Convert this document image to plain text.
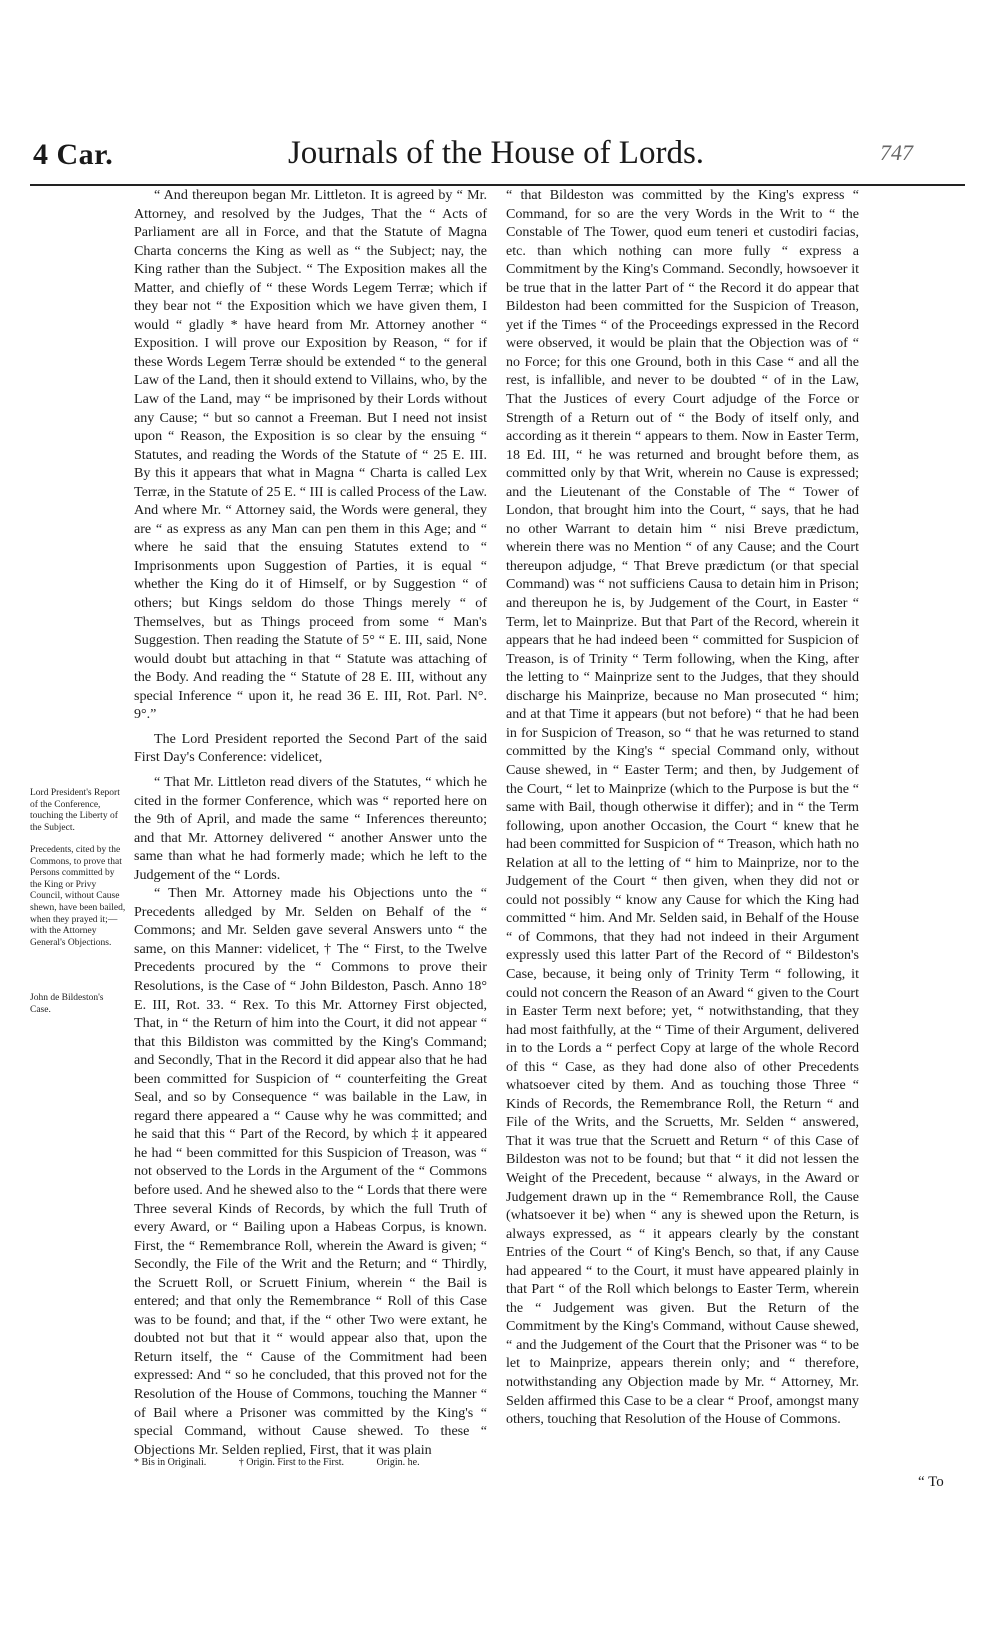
4 Car.	Journals of the House of Lords.	747
Lord President's Report of the Conference, touching the Liberty of the Subject.
Precedents, cited by the Commons, to prove that Persons committed by the King or Privy Council, without Cause shewn, have been bailed, when they prayed it;—with the Attorney General's Objections.
John de Bildeston's Case.

“ And thereupon began Mr. Littleton. It is agreed by “ Mr. Attorney, and resolved by the Judges, That the “ Acts of Parliament are all in Force, and that the Statute of Magna Charta concerns the King as well as “ the Subject; nay, the King rather than the Subject. “ The Exposition makes all the Matter, and chiefly of “ these Words Legem Terræ; which if they bear not “ the Exposition which we have given them, I would “ gladly * have heard from Mr. Attorney another “ Exposition. I will prove our Exposition by Reason, “ for if these Words Legem Terræ should be extended “ to the general Law of the Land, then it should extend to Villains, who, by the Law of the Land, may “ be imprisoned by their Lords without any Cause; “ but so cannot a Freeman. But I need not insist upon “ Reason, the Exposition is so clear by the ensuing “ Statutes, and reading the Words of the Statute of “ 25 E. III. By this it appears that what in Magna “ Charta is called Lex Terræ, in the Statute of 25 E. “ III is called Process of the Law. And where Mr. “ Attorney said, the Words were general, they are “ as express as any Man can pen them in this Age; and “ where he said that the ensuing Statutes extend to “ Imprisonments upon Suggestion of Parties, it is equal “ whether the King do it of Himself, or by Suggestion “ of others; but Kings seldom do those Things merely “ of Themselves, but as Things proceed from some “ Man's Suggestion. Then reading the Statute of 5° “ E. III, said, None would doubt but attaching in that “ Statute was attaching of the Body. And reading the “ Statute of 28 E. III, without any special Inference “ upon it, he read 36 E. III, Rot. Parl. N°. 9°.”

The Lord President reported the Second Part of the said First Day's Conference: videlicet,

“ That Mr. Littleton read divers of the Statutes, “ which he cited in the former Conference, which was “ reported here on the 9th of April, and made the same “ Inferences thereunto; and that Mr. Attorney delivered “ another Answer unto the same than what he had formerly made; which he left to the Judgement of the “ Lords.

“ Then Mr. Attorney made his Objections unto the “ Precedents alledged by Mr. Selden on Behalf of the “ Commons; and Mr. Selden gave several Answers unto “ the same, on this Manner: videlicet, † The “ First, to the Twelve Precedents procured by the “ Commons to prove their Resolutions, is the Case of “ John Bildeston, Pasch. Anno 18° E. III, Rot. 33. “ Rex. To this Mr. Attorney First objected, That, in “ the Return of him into the Court, it did not appear “ that this Bildiston was committed by the King's Command; and Secondly, That in the Record it did appear also that he had been committed for Suspicion of “ counterfeiting the Great Seal, and so by Consequence “ was bailable in the Law, in regard there appeared a “ Cause why he was committed; and he said that this “ Part of the Record, by which ‡ it appeared he had “ been committed for this Suspicion of Treason, was “ not observed to the Lords in the Argument of the “ Commons before used. And he shewed also to the “ Lords that there were Three several Kinds of Records, by which the full Truth of every Award, or “ Bailing upon a Habeas Corpus, is known. First, the “ Remembrance Roll, wherein the Award is given; “ Secondly, the File of the Writ and the Return; and “ Thirdly, the Scruett Roll, or Scruett Finium, wherein “ the Bail is entered; and that only the Remembrance “ Roll of this Case was to be found; and that, if the “ other Two were extant, he doubted not but that it “ would appear also that, upon the Return itself, the “ Cause of the Commitment had been expressed: And “ so he concluded, that this proved not for the Resolution of the House of Commons, touching the Manner “ of Bail where a Prisoner was committed by the King's “ special Command, without Cause shewed. To these “ Objections Mr. Selden replied, First, that it was plain

“ that Bildeston was committed by the King's express “ Command, for so are the very Words in the Writ to “ the Constable of The Tower, quod eum teneri et custodiri facias, etc. than which nothing can more fully “ express a Commitment by the King's Command. Secondly, howsoever it be true that in the latter Part of “ the Record it do appear that Bildeston had been committed for the Suspicion of Treason, yet if the Times “ of the Proceedings expressed in the Record were observed, it would be plain that the Objection was of “ no Force; for this one Ground, both in this Case “ and all the rest, is infallible, and never to be doubted “ of in the Law, That the Justices of every Court adjudge of the Force or Strength of a Return out of “ the Body of itself only, and according as it therein “ appears to them. Now in Easter Term, 18 Ed. III, “ he was returned and brought before them, as committed only by that Writ, wherein no Cause is expressed; and the Lieutenant of the Constable of The “ Tower of London, that brought him into the Court, “ says, that he had no other Warrant to detain him “ nisi Breve prædictum, wherein there was no Mention “ of any Cause; and the Court thereupon adjudge, “ That Breve prædictum (or that special Command) was “ not sufficiens Causa to detain him in Prison; and thereupon he is, by Judgement of the Court, in Easter “ Term, let to Mainprize. But that Part of the Record, wherein it appears that he had indeed been “ committed for Suspicion of Treason, is of Trinity “ Term following, when the King, after the letting to “ Mainprize sent to the Judges, that they should discharge his Mainprize, because no Man prosecuted “ him; and at that Time it appears (but not before) “ that he had been in for Suspicion of Treason, so “ that he was returned to stand committed by the King's “ special Command only, without Cause shewed, in “ Easter Term; and then, by Judgement of the Court, “ let to Mainprize (which to the Purpose is but the “ same with Bail, though otherwise it differ); and in “ the Term following, upon another Occasion, the Court “ knew that he had been committed for Suspicion of “ Treason, which hath no Relation at all to the letting of “ him to Mainprize, nor to the Judgement of the Court “ then given, when they did not or could not possibly “ know any Cause for which the King had committed “ him. And Mr. Selden said, in Behalf of the House “ of Commons, that they had not indeed in their Argument expressly used this latter Part of the Record of “ Bildeston's Case, because, it being only of Trinity Term “ following, it could not concern the Reason of an Award “ given to the Court in Easter Term next before; yet, “ notwithstanding, that they had most faithfully, at the “ Time of their Argument, delivered in to the Lords a “ perfect Copy at large of the whole Record of this “ Case, as they had done also of other Precedents whatsoever cited by them. And as touching those Three “ Kinds of Records, the Remembrance Roll, the Return “ and File of the Writs, and the Scruetts, Mr. Selden “ answered, That it was true that the Scruett and Return “ of this Case of Bildeston was not to be found; but that “ it did not lessen the Weight of the Precedent, because “ always, in the Award or Judgement drawn up in the “ Remembrance Roll, the Cause (whatsoever it be) when “ any is shewed upon the Return, is always expressed, as “ it appears clearly by the constant Entries of the Court “ of King's Bench, so that, if any Cause had appeared “ to the Court, it must have appeared plainly in that Part “ of the Roll which belongs to Easter Term, wherein the “ Judgement was given. But the Return of the Commitment by the King's Command, without Cause shewed, “ and the Judgement of the Court that the Prisoner was “ to be let to Mainprize, appears therein only; and “ therefore, notwithstanding any Objection made by Mr. “ Attorney, Mr. Selden affirmed this Case to be a clear “ Proof, amongst many others, touching that Resolution of the House of Commons.

* Bis in Originali.	† Origin. First to the First.	Origin. he.
“ To
